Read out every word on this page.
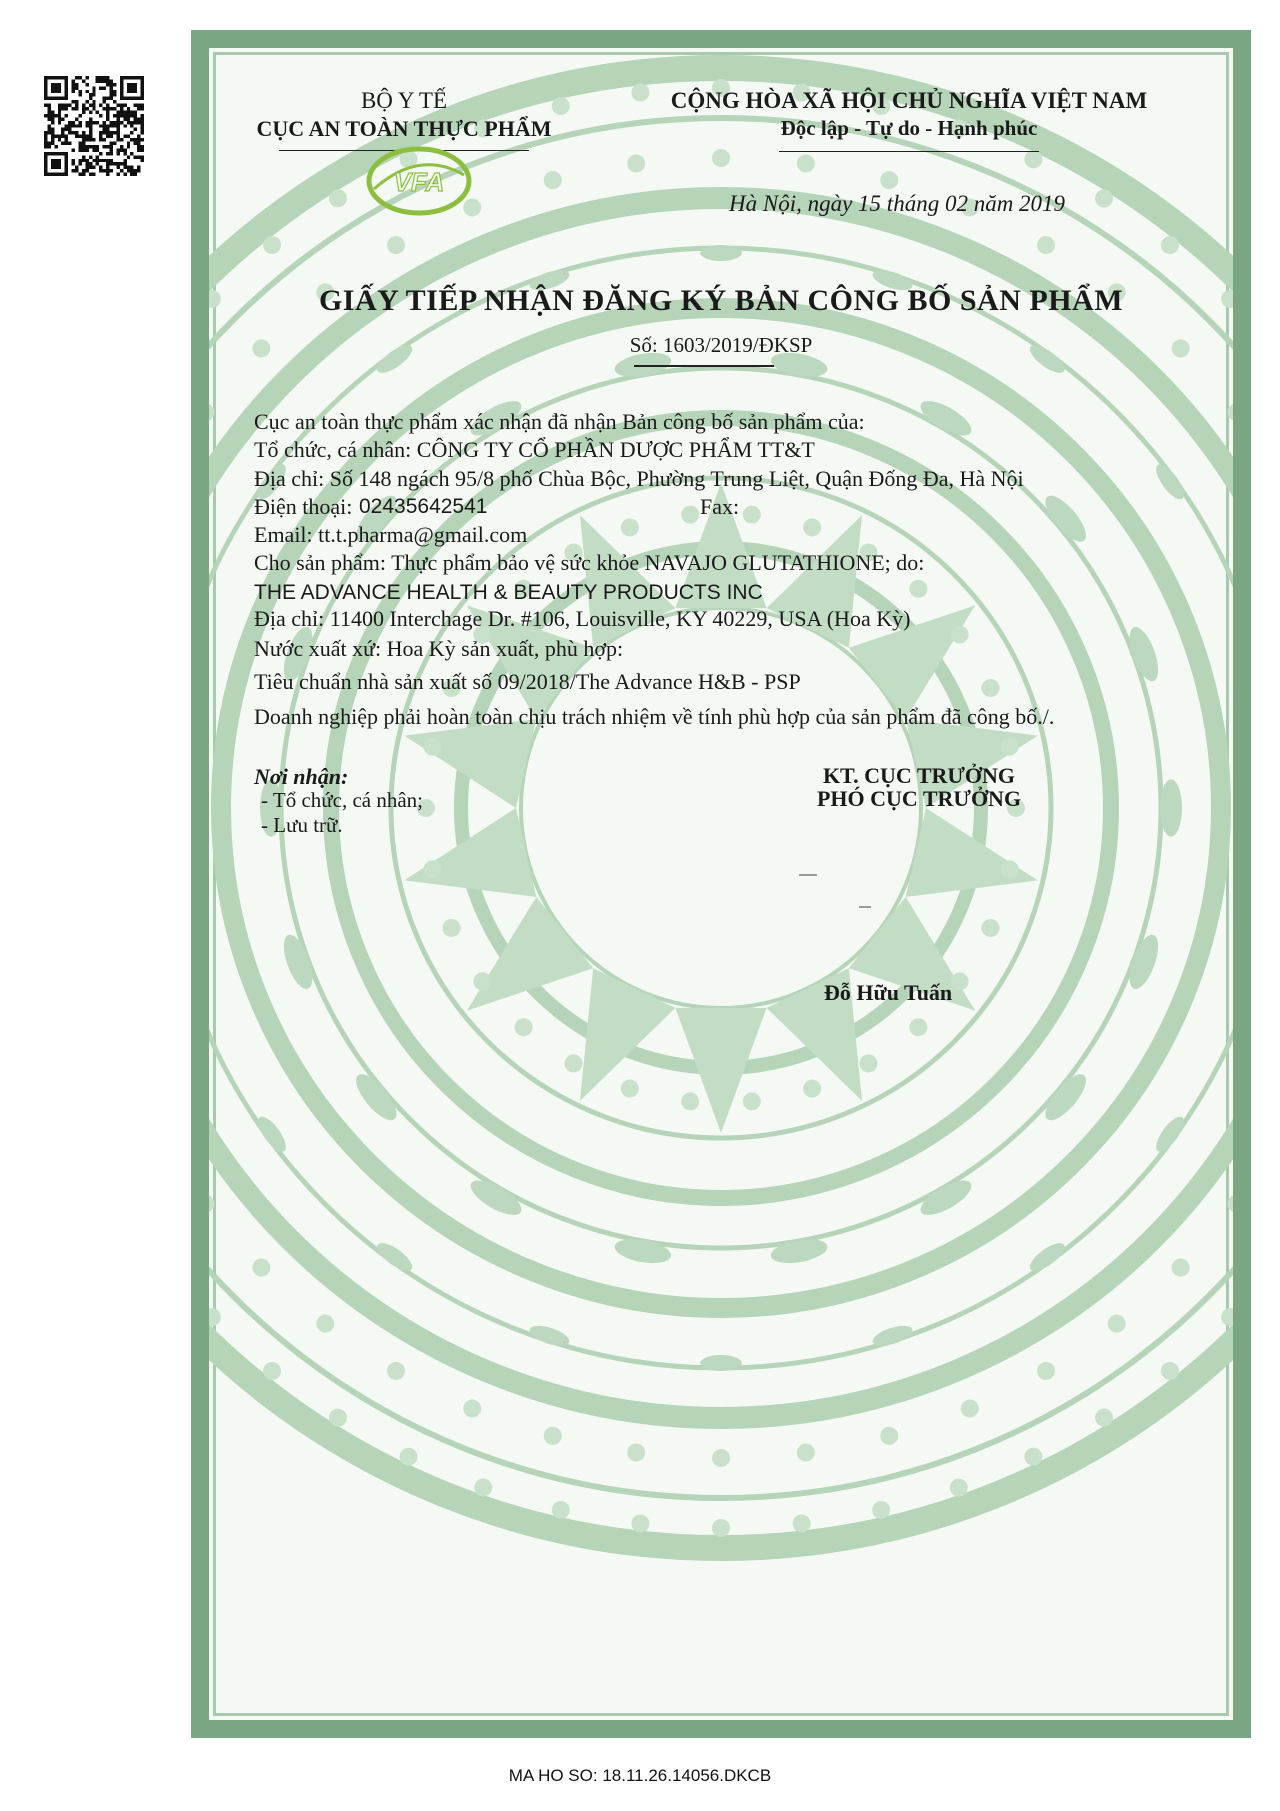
BỘ Y TẾ
CỤC AN TOÀN THỰC PHẨM
VFA
CỘNG HÒA XÃ HỘI CHỦ NGHĨA VIỆT NAM
Độc lập - Tự do - Hạnh phúc
Hà Nội, ngày 15 tháng 02 năm 2019
GIẤY TIẾP NHẬN ĐĂNG KÝ BẢN CÔNG BỐ SẢN PHẨM
Số: 1603/2019/ĐKSP
Cục an toàn thực phẩm xác nhận đã nhận Bản công bố sản phẩm của:
Tổ chức, cá nhân: CÔNG TY CỔ PHẦN DƯỢC PHẨM TT&T
Địa chỉ: Số 148 ngách 95/8 phố Chùa Bộc, Phường Trung Liệt, Quận Đống Đa, Hà Nội
Điện thoại: 02435642541	Fax:
Email: tt.t.pharma@gmail.com
Cho sản phẩm: Thực phẩm bảo vệ sức khỏe NAVAJO GLUTATHIONE; do:
THE ADVANCE HEALTH & BEAUTY PRODUCTS INC
Địa chỉ: 11400 Interchage Dr. #106, Louisville, KY 40229, USA (Hoa Kỳ)
Nước xuất xứ: Hoa Kỳ sản xuất, phù hợp:
Tiêu chuẩn nhà sản xuất số 09/2018/The Advance H&B - PSP
Doanh nghiệp phải hoàn toàn chịu trách nhiệm về tính phù hợp của sản phẩm đã công bố./.
Nơi nhận:
- Tổ chức, cá nhân;
- Lưu trữ.
KT. CỤC TRƯỞNG
PHÓ CỤC TRƯỞNG
Đỗ Hữu Tuấn
MA HO SO: 18.11.26.14056.DKCB
